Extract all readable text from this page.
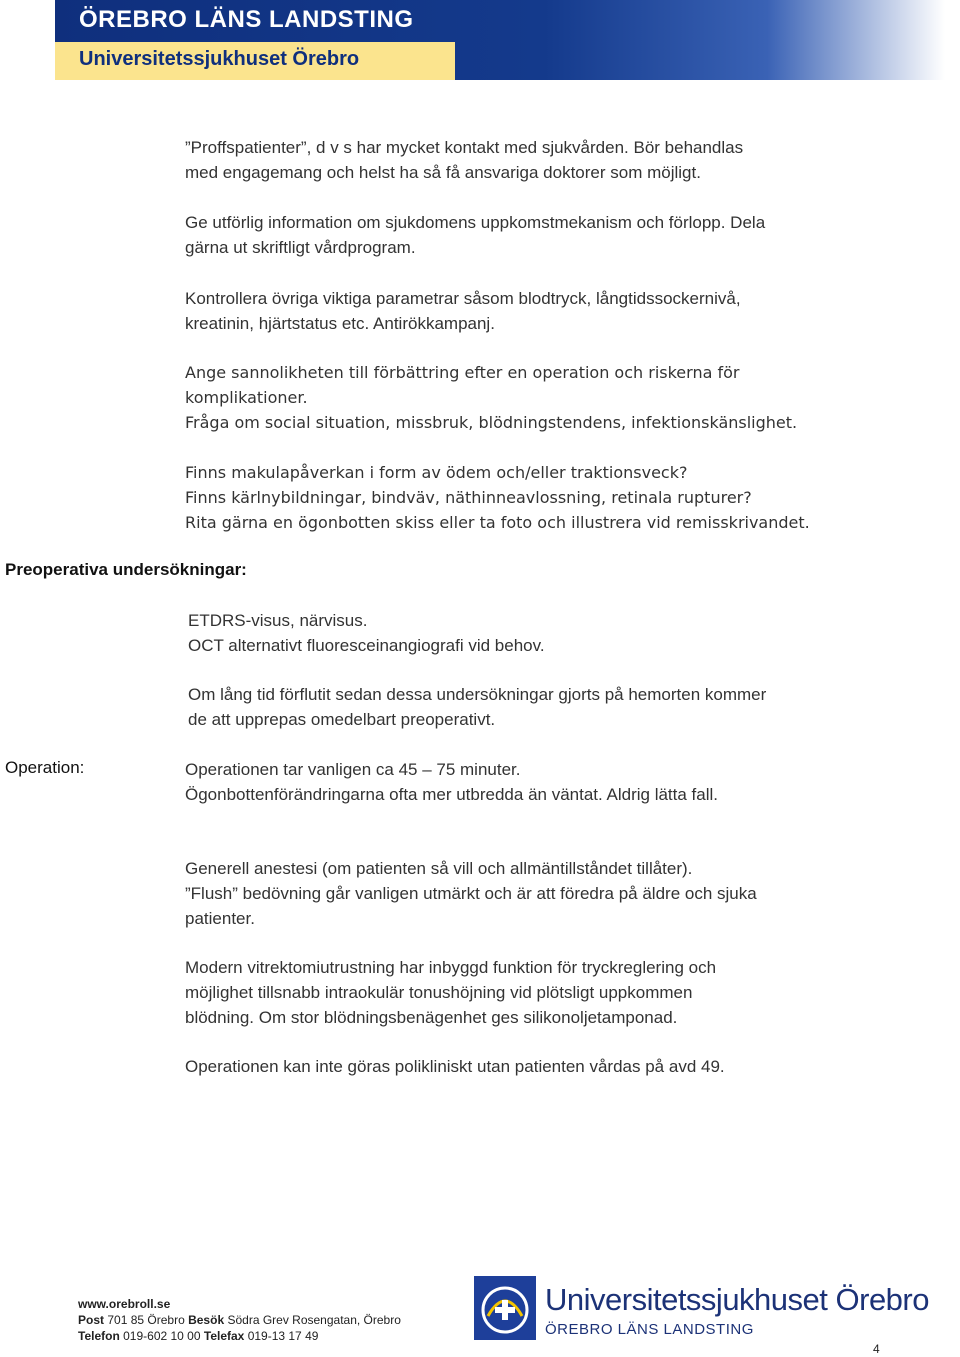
ÖREBRO LÄNS LANDSTING
Universitetssjukhuset Örebro
”Proffspatienter”, d v s har mycket kontakt med sjukvården. Bör behandlas
med engagemang och helst ha så få ansvariga doktorer som möjligt.
Ge utförlig information om sjukdomens uppkomstmekanism och förlopp. Dela
gärna ut skriftligt vårdprogram.
Kontrollera övriga viktiga parametrar såsom blodtryck, långtidssockernivå,
kreatinin, hjärtstatus etc. Antirökkampanj.
Ange sannolikheten till förbättring efter en operation och riskerna för
komplikationer.
Fråga om social situation, missbruk, blödningstendens, infektionskänslighet.
Finns makulapåverkan i form av ödem och/eller traktionsveck?
Finns kärlnybildningar, bindväv, näthinneavlossning, retinala rupturer?
Rita gärna en ögonbotten skiss eller ta foto och illustrera vid remisskrivandet.
Preoperativa undersökningar:
ETDRS-visus, närvisus.
OCT alternativt fluoresceinangiografi vid behov.
Om lång tid förflutit sedan dessa undersökningar gjorts på hemorten kommer
de att upprepas omedelbart preoperativt.
Operation:	Operationen tar vanligen ca 45 – 75 minuter.
Ögonbottenförändringarna ofta mer utbredda än väntat. Aldrig lätta fall.
Generell anestesi (om patienten så vill och allmäntillståndet tillåter).
”Flush” bedövning går vanligen utmärkt och är att föredra på äldre och sjuka
patienter.
Modern vitrektomiutrustning har inbyggd funktion för tryckreglering och
möjlighet tillsnabb intraokulär tonushöjning vid plötsligt uppkommen
blödning. Om stor blödningsbenägenhet ges silikonoljetamponad.
Operationen kan inte göras polikliniskt utan patienten vårdas på avd 49.
www.orebroll.se
Post 701 85 Örebro Besök Södra Grev Rosengatan, Örebro
Telefon 019-602 10 00 Telefax 019-13 17 49
Universitetssjukhuset Örebro
ÖREBRO LÄNS LANDSTING
4
